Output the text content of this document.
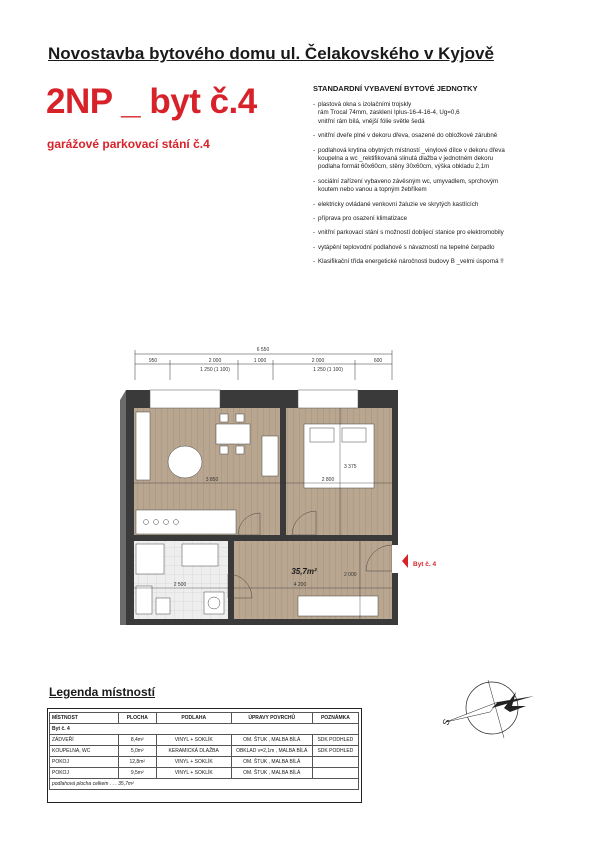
Novostavba bytového domu ul. Čelakovského v Kyjově
2NP _ byt č.4
garážové parkovací stání č.4
STANDARDNÍ VYBAVENÍ BYTOVÉ JEDNOTKY
- plastová okna s izolačními trojskly
rám Trocal 74mm, zasklení Iplus-16-4-16-4, Ug=0,6
vnitřní rám bílá, vnější fólie světle šedá
- vnitřní dveře plné v dekoru dřeva, osazené do obložkové zárubně
- podlahová krytina obytných místností _vinylové dílce v dekoru dřeva
koupelna a wc _rektifikovaná slinutá dlažba v jednotném dekoru
podlaha formát 60x60cm, stěny 30x60cm, výška obkladu 2,1m
- sociální zařízení vybaveno závěsným wc, umyvadlem, sprchovým
koutem nebo vanou a topným žebříkem
- elektricky ovládané venkovní žaluzie ve skrytých kastlících
- příprava pro osazení klimatizace
- vnitřní parkovací stání s možností dobíjecí stanice pro elektromobily
- vytápění teplovodní podlahové s návazností na tepelné čerpadlo
- Klasifikační třída energetické náročnosti budovy B _velmi úsporná !!
6 550
950	2 000	1 000	2 000	600
1 250 (1 100)	1 250 (1 100)
3 850	2 800
3 375
2 500	4 200
2 000
35,7m²
Byt č. 4
Legenda místností
MÍSTNOST	PLOCHA	PODLAHA	ÚPRAVY POVRCHŮ	POZNÁMKA
Byt č. 4				
ZÁDVEŘÍ	8,4m²	VINYL + SOKLÍK	OM. ŠTUK , MALBA BÍLÁ	SDK PODHLED
KOUPELNA, WC	5,0m²	KERAMICKÁ DLAŽBA	OBKLAD v=2,1m , MALBA BÍLÁ	SDK PODHLED
POKOJ	12,8m²	VINYL + SOKLÍK	OM. ŠTUK , MALBA BÍLÁ	
POKOJ	9,5m²	VINYL + SOKLÍK	OM. ŠTUK , MALBA BÍLÁ	
podlahová plocha celkem . . . 35,7m²				
S
